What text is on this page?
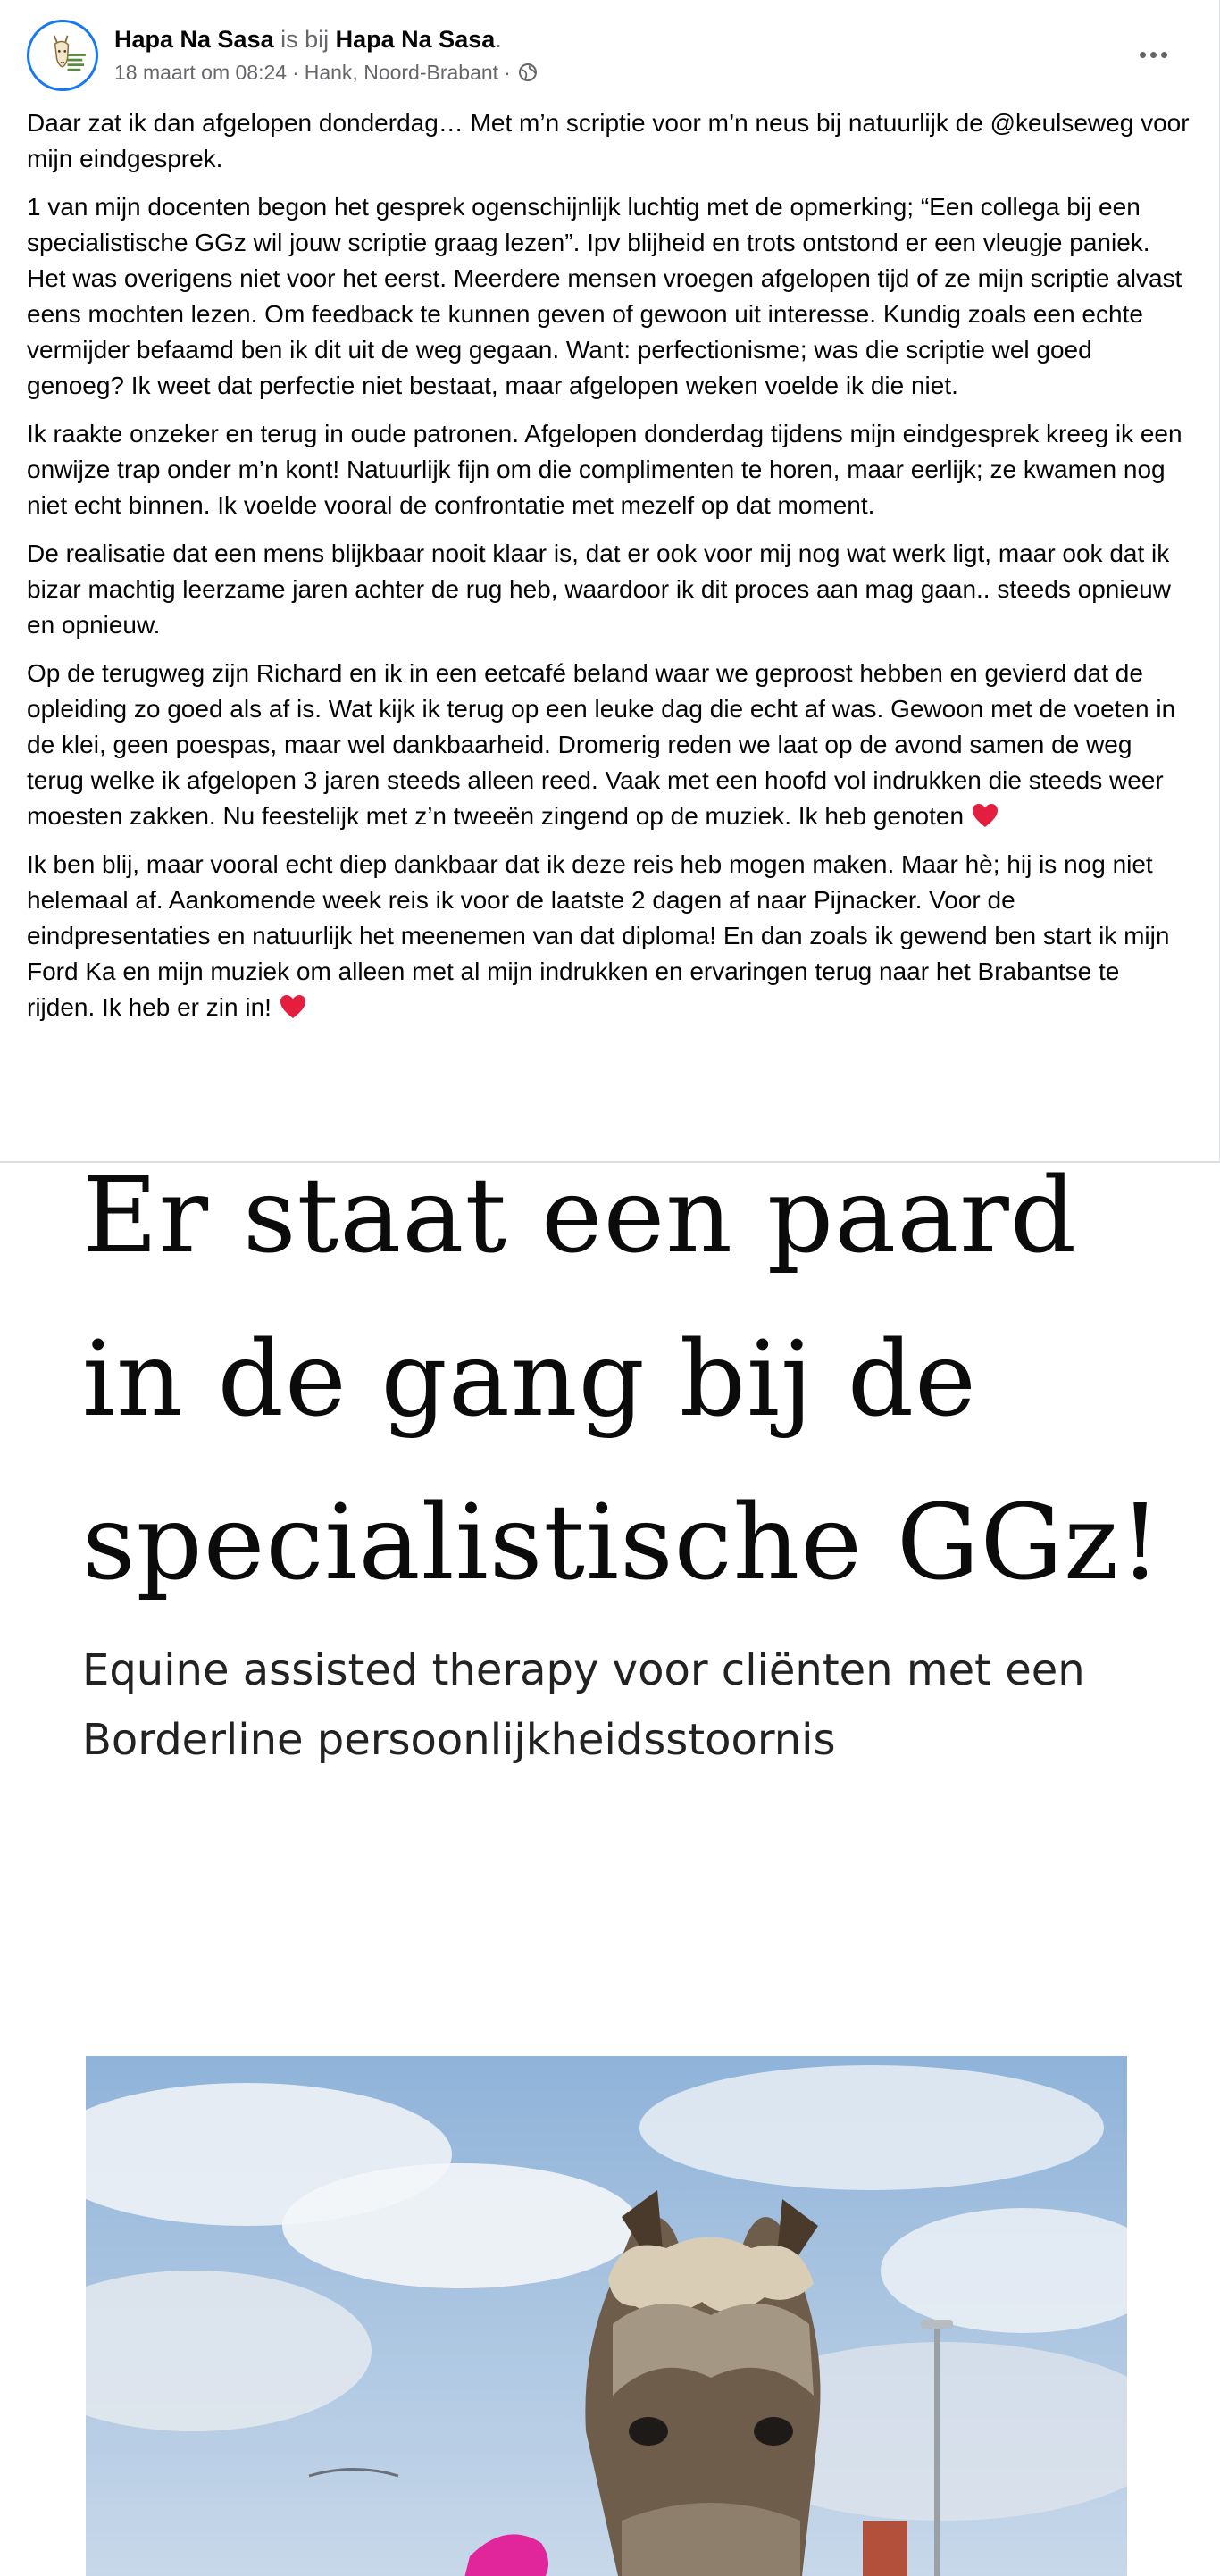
Hapa Na Sasa is bij Hapa Na Sasa.
18 maart om 08:24 · Hank, Noord-Brabant ·

Daar zat ik dan afgelopen donderdag… Met m’n scriptie voor m’n neus bij natuurlijk de @keulseweg voor mijn eindgesprek.

1 van mijn docenten begon het gesprek ogenschijnlijk luchtig met de opmerking; “Een collega bij een specialistische GGz wil jouw scriptie graag lezen”. Ipv blijheid en trots ontstond er een vleugje paniek. Het was overigens niet voor het eerst. Meerdere mensen vroegen afgelopen tijd of ze mijn scriptie alvast eens mochten lezen. Om feedback te kunnen geven of gewoon uit interesse. Kundig zoals een echte vermijder befaamd ben ik dit uit de weg gegaan. Want: perfectionisme; was die scriptie wel goed genoeg? Ik weet dat perfectie niet bestaat, maar afgelopen weken voelde ik die niet.

Ik raakte onzeker en terug in oude patronen. Afgelopen donderdag tijdens mijn eindgesprek kreeg ik een onwijze trap onder m’n kont! Natuurlijk fijn om die complimenten te horen, maar eerlijk; ze kwamen nog niet echt binnen. Ik voelde vooral de confrontatie met mezelf op dat moment.

De realisatie dat een mens blijkbaar nooit klaar is, dat er ook voor mij nog wat werk ligt, maar ook dat ik bizar machtig leerzame jaren achter de rug heb, waardoor ik dit proces aan mag gaan.. steeds opnieuw en opnieuw.

Op de terugweg zijn Richard en ik in een eetcafé beland waar we geproost hebben en gevierd dat de opleiding zo goed als af is. Wat kijk ik terug op een leuke dag die echt af was. Gewoon met de voeten in de klei, geen poespas, maar wel dankbaarheid. Dromerig reden we laat op de avond samen de weg terug welke ik afgelopen 3 jaren steeds alleen reed. Vaak met een hoofd vol indrukken die steeds weer moesten zakken. Nu feestelijk met z’n tweeën zingend op de muziek. Ik heb genoten

Ik ben blij, maar vooral echt diep dankbaar dat ik deze reis heb mogen maken. Maar hè; hij is nog niet helemaal af. Aankomende week reis ik voor de laatste 2 dagen af naar Pijnacker. Voor de eindpresentaties en natuurlijk het meenemen van dat diploma! En dan zoals ik gewend ben start ik mijn Ford Ka en mijn muziek om alleen met al mijn indrukken en ervaringen terug naar het Brabantse te rijden. Ik heb er zin in!

Er staat een paard
in de gang bij de
specialistische GGz!
Equine assisted therapy voor cliënten met een
Borderline persoonlijkheidsstoornis
